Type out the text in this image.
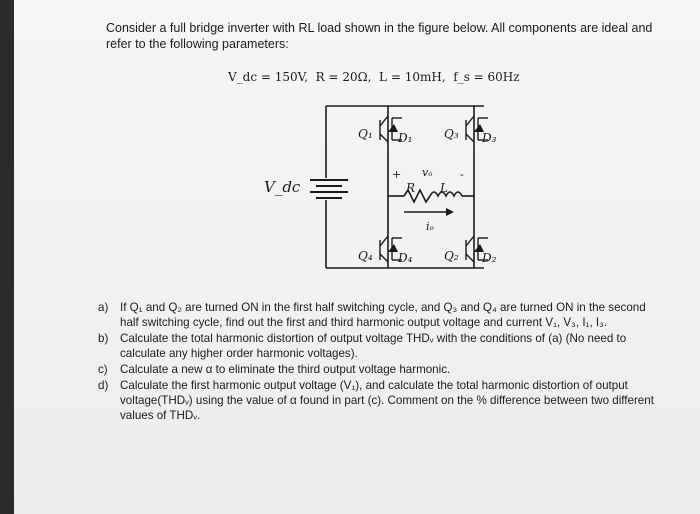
Consider a full bridge inverter with RL load shown in the figure below. All components are ideal and refer to the following parameters:
V_dc = 150V,  R = 20Ω,  L = 10mH,  f_s = 60Hz
V_dc
Q₁ D₁	Q₃ D₃
Q₄ D₄	Q₂ D₂
+ vₒ	-
R L
iₒ
a)	If Q₁ and Q₂ are turned ON in the first half switching cycle, and Q₃ and Q₄ are turned ON in the second half switching cycle, find out the first and third harmonic output voltage and current V₁, V₃, I₁, I₃.
b)	Calculate the total harmonic distortion of output voltage THDᵥ with the conditions of (a) (No need to calculate any higher order harmonic voltages).
c)	Calculate a new α to eliminate the third output voltage harmonic.
d)	Calculate the first harmonic output voltage (V₁), and calculate the total harmonic distortion of output voltage(THDᵥ) using the value of α found in part (c). Comment on the % difference between two different values of THDᵥ.
